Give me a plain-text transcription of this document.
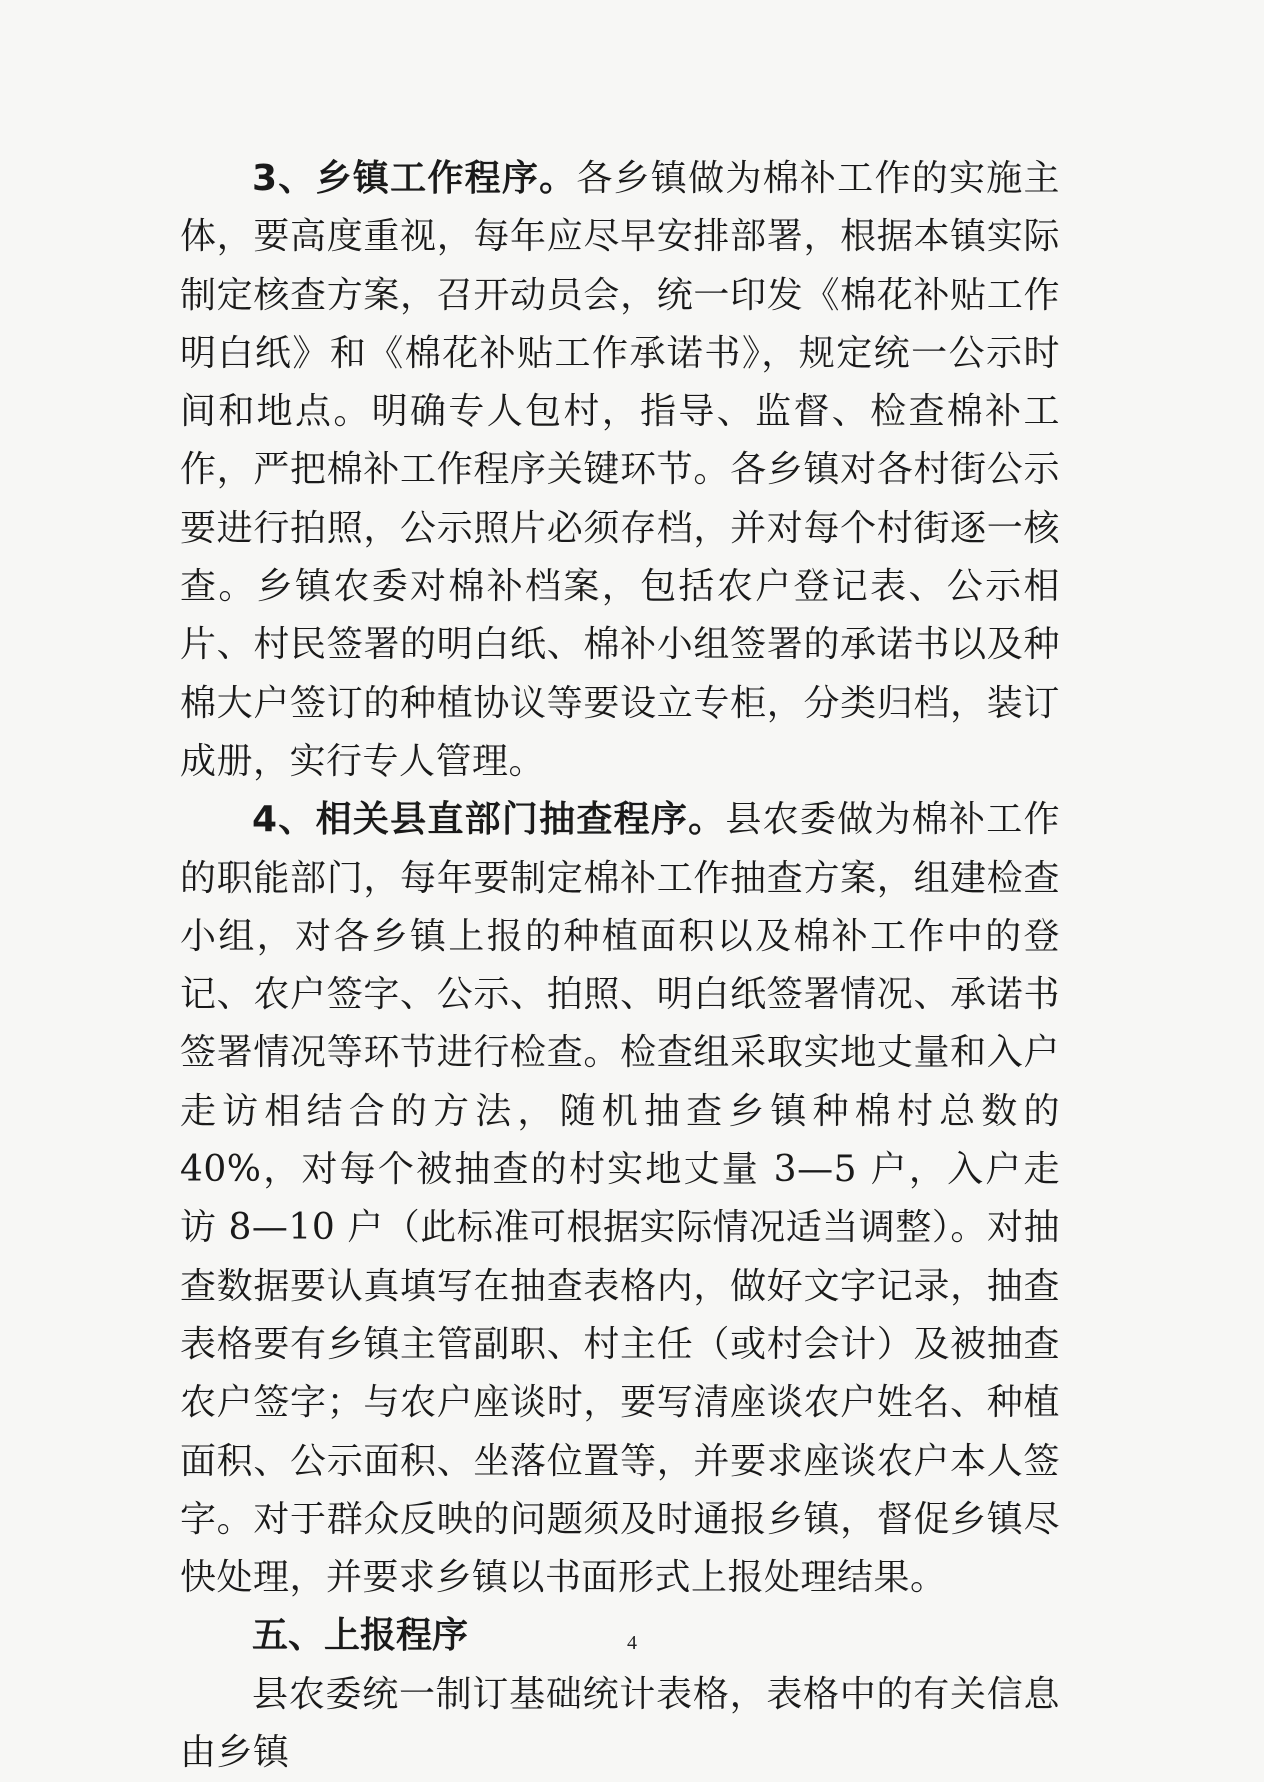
3、乡镇工作程序。各乡镇做为棉补工作的实施主体，要高度重视，每年应尽早安排部署，根据本镇实际制定核查方案，召开动员会，统一印发《棉花补贴工作明白纸》和《棉花补贴工作承诺书》，规定统一公示时间和地点。明确专人包村，指导、监督、检查棉补工作，严把棉补工作程序关键环节。各乡镇对各村街公示要进行拍照，公示照片必须存档，并对每个村街逐一核查。乡镇农委对棉补档案，包括农户登记表、公示相片、村民签署的明白纸、棉补小组签署的承诺书以及种棉大户签订的种植协议等要设立专柜，分类归档，装订成册，实行专人管理。

4、相关县直部门抽查程序。县农委做为棉补工作的职能部门，每年要制定棉补工作抽查方案，组建检查小组，对各乡镇上报的种植面积以及棉补工作中的登记、农户签字、公示、拍照、明白纸签署情况、承诺书签署情况等环节进行检查。检查组采取实地丈量和入户走访相结合的方法，随机抽查乡镇种棉村总数的 40%，对每个被抽查的村实地丈量 3—5 户，入户走访 8—10 户（此标准可根据实际情况适当调整）。对抽查数据要认真填写在抽查表格内，做好文字记录，抽查表格要有乡镇主管副职、村主任（或村会计）及被抽查农户签字；与农户座谈时，要写清座谈农户姓名、种植面积、公示面积、坐落位置等，并要求座谈农户本人签字。对于群众反映的问题须及时通报乡镇，督促乡镇尽快处理，并要求乡镇以书面形式上报处理结果。

五、上报程序

县农委统一制订基础统计表格，表格中的有关信息由乡镇

4
